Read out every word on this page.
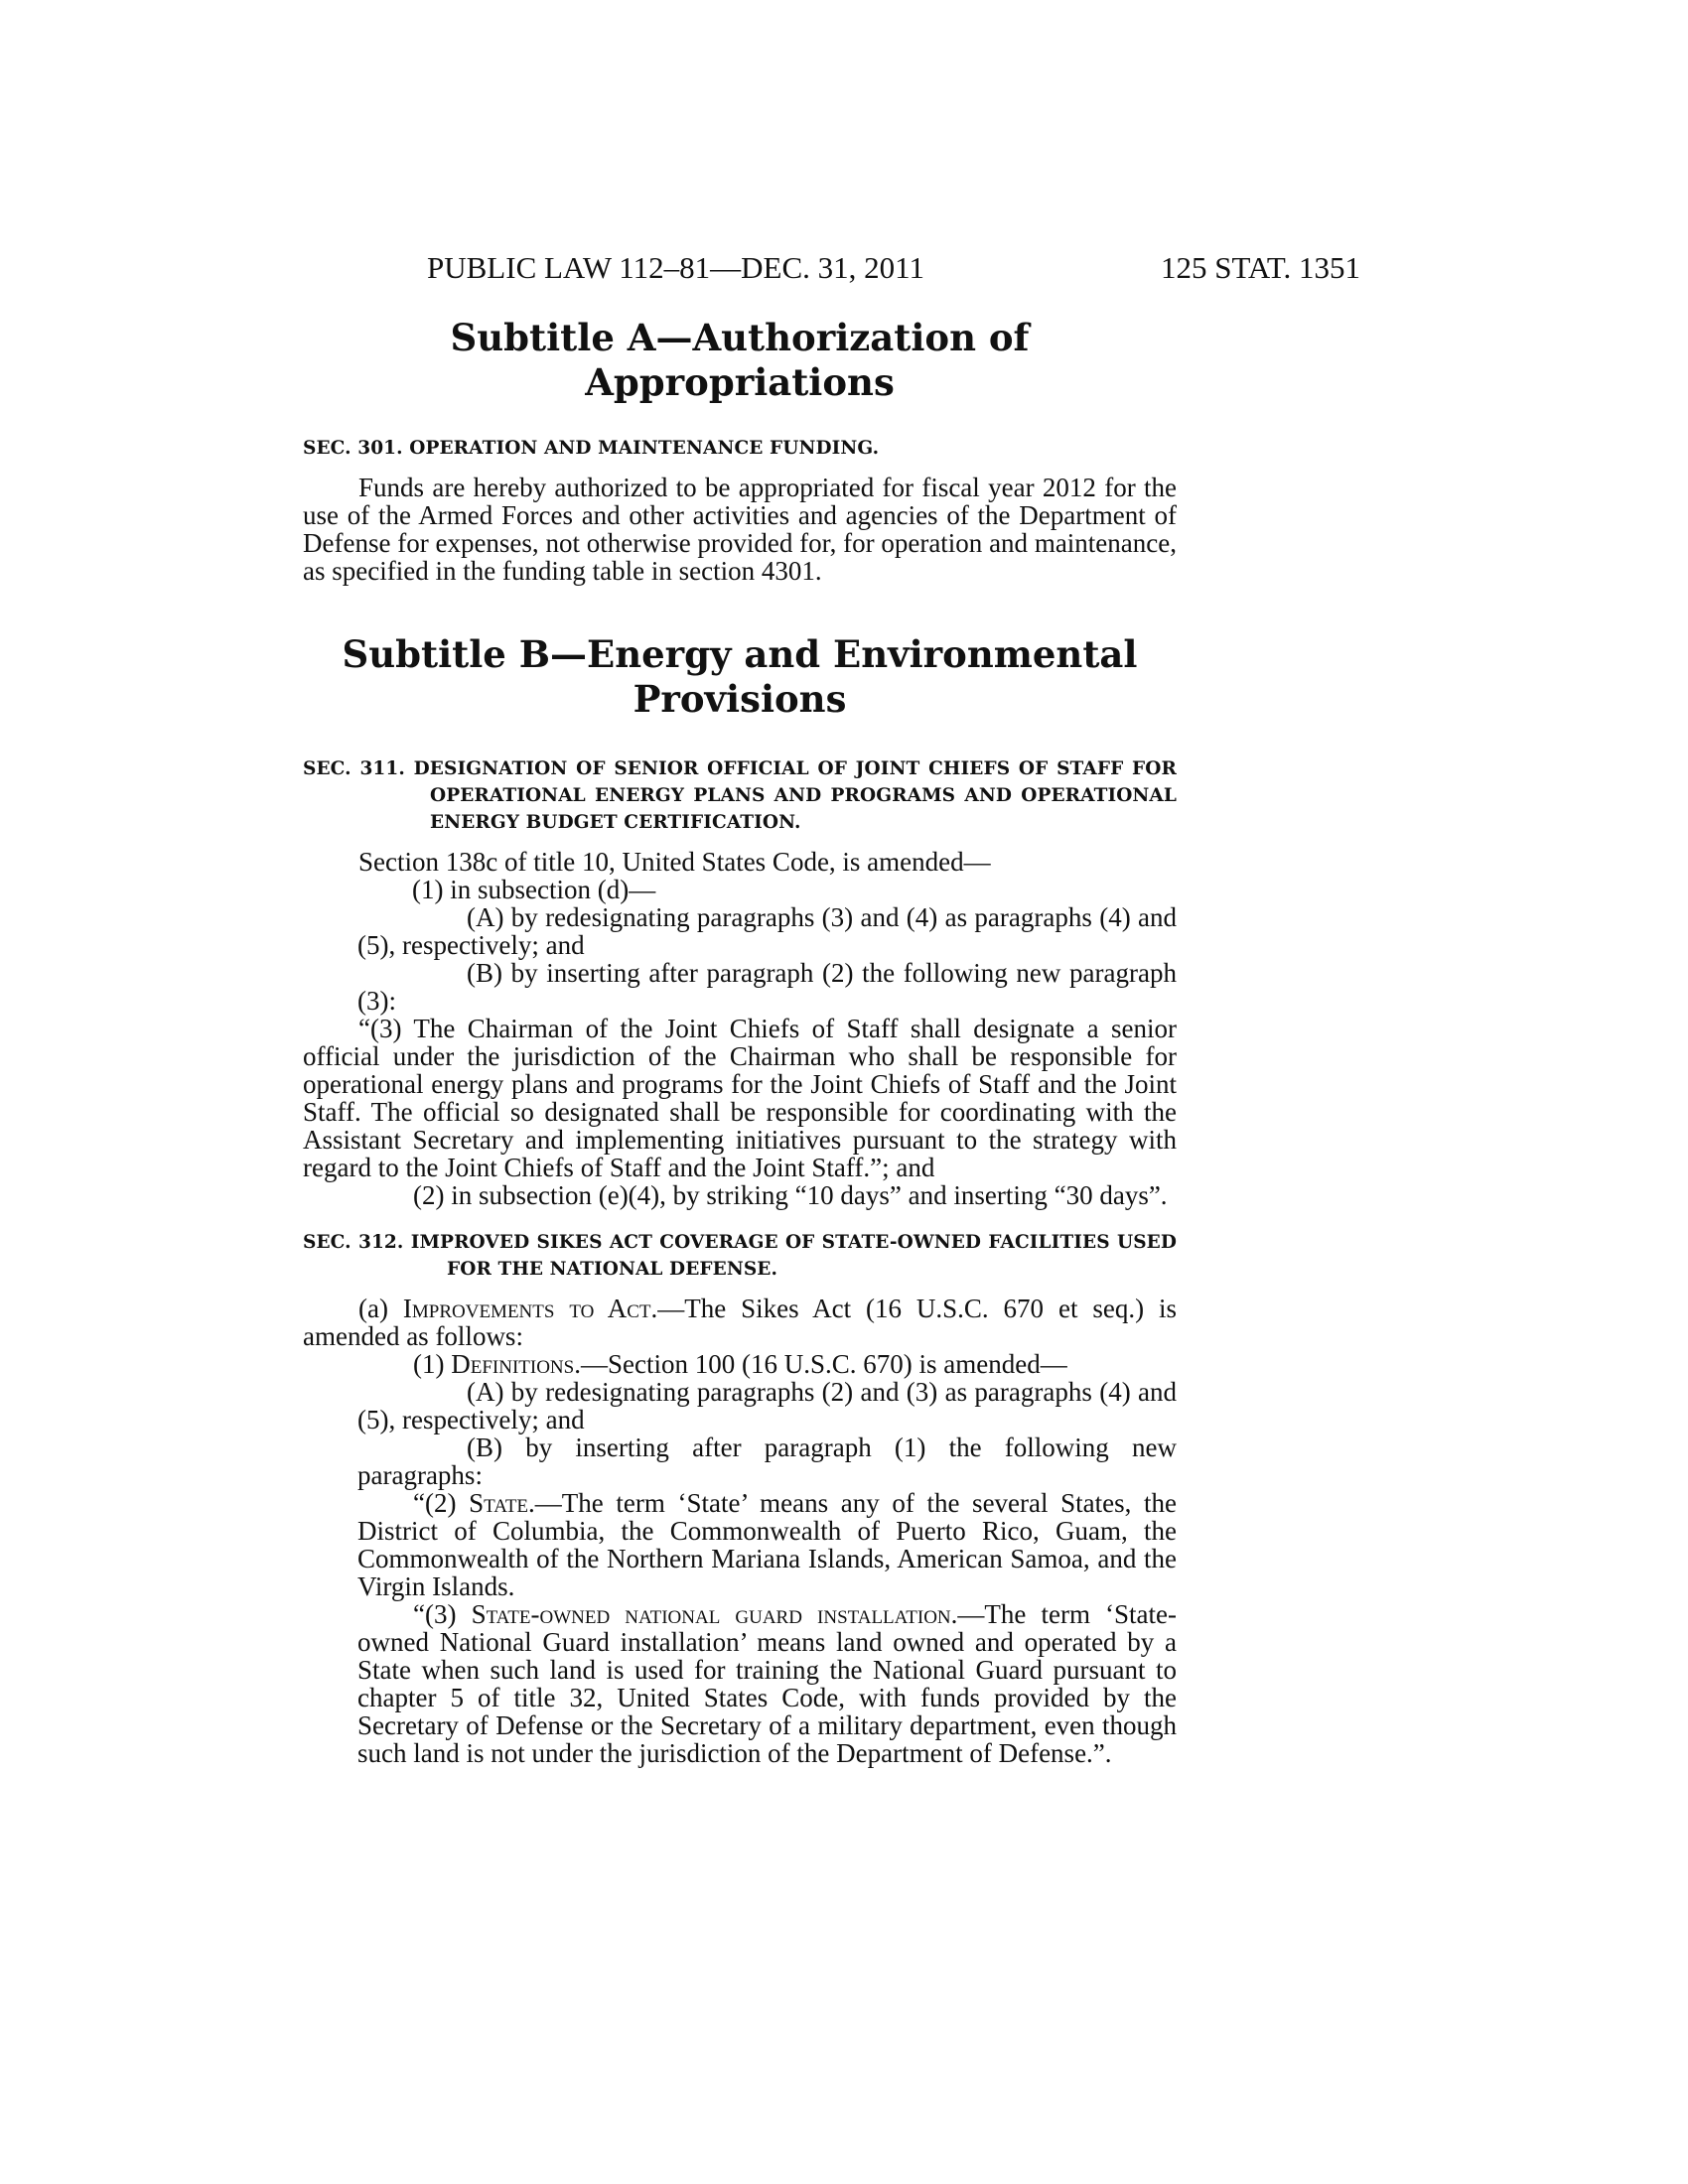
PUBLIC LAW 112–81—DEC. 31, 2011	125 STAT. 1351
Subtitle A—Authorization of
Appropriations

SEC. 301. OPERATION AND MAINTENANCE FUNDING.

Funds are hereby authorized to be appropriated for fiscal year 2012 for the use of the Armed Forces and other activities and agencies of the Department of Defense for expenses, not otherwise provided for, for operation and maintenance, as specified in the funding table in section 4301.

Subtitle B—Energy and Environmental
Provisions

SEC. 311. DESIGNATION OF SENIOR OFFICIAL OF JOINT CHIEFS OF STAFF FOR OPERATIONAL ENERGY PLANS AND PROGRAMS AND OPERATIONAL ENERGY BUDGET CERTIFICATION.

Section 138c of title 10, United States Code, is amended—

(1) in subsection (d)—

(A) by redesignating paragraphs (3) and (4) as paragraphs (4) and (5), respectively; and

(B) by inserting after paragraph (2) the following new paragraph (3):

“(3) The Chairman of the Joint Chiefs of Staff shall designate a senior official under the jurisdiction of the Chairman who shall be responsible for operational energy plans and programs for the Joint Chiefs of Staff and the Joint Staff. The official so designated shall be responsible for coordinating with the Assistant Secretary and implementing initiatives pursuant to the strategy with regard to the Joint Chiefs of Staff and the Joint Staff.”; and

(2) in subsection (e)(4), by striking “10 days” and inserting “30 days”.

SEC. 312. IMPROVED SIKES ACT COVERAGE OF STATE-OWNED FACILITIES USED FOR THE NATIONAL DEFENSE.

(a) Improvements to Act.—The Sikes Act (16 U.S.C. 670 et seq.) is amended as follows:

(1) Definitions.—Section 100 (16 U.S.C. 670) is amended—

(A) by redesignating paragraphs (2) and (3) as paragraphs (4) and (5), respectively; and

(B) by inserting after paragraph (1) the following new paragraphs:

“(2) State.—The term ‘State’ means any of the several States, the District of Columbia, the Commonwealth of Puerto Rico, Guam, the Commonwealth of the Northern Mariana Islands, American Samoa, and the Virgin Islands.

“(3) State-owned national guard installation.—The term ‘State-owned National Guard installation’ means land owned and operated by a State when such land is used for training the National Guard pursuant to chapter 5 of title 32, United States Code, with funds provided by the Secretary of Defense or the Secretary of a military department, even though such land is not under the jurisdiction of the Department of Defense.”.
